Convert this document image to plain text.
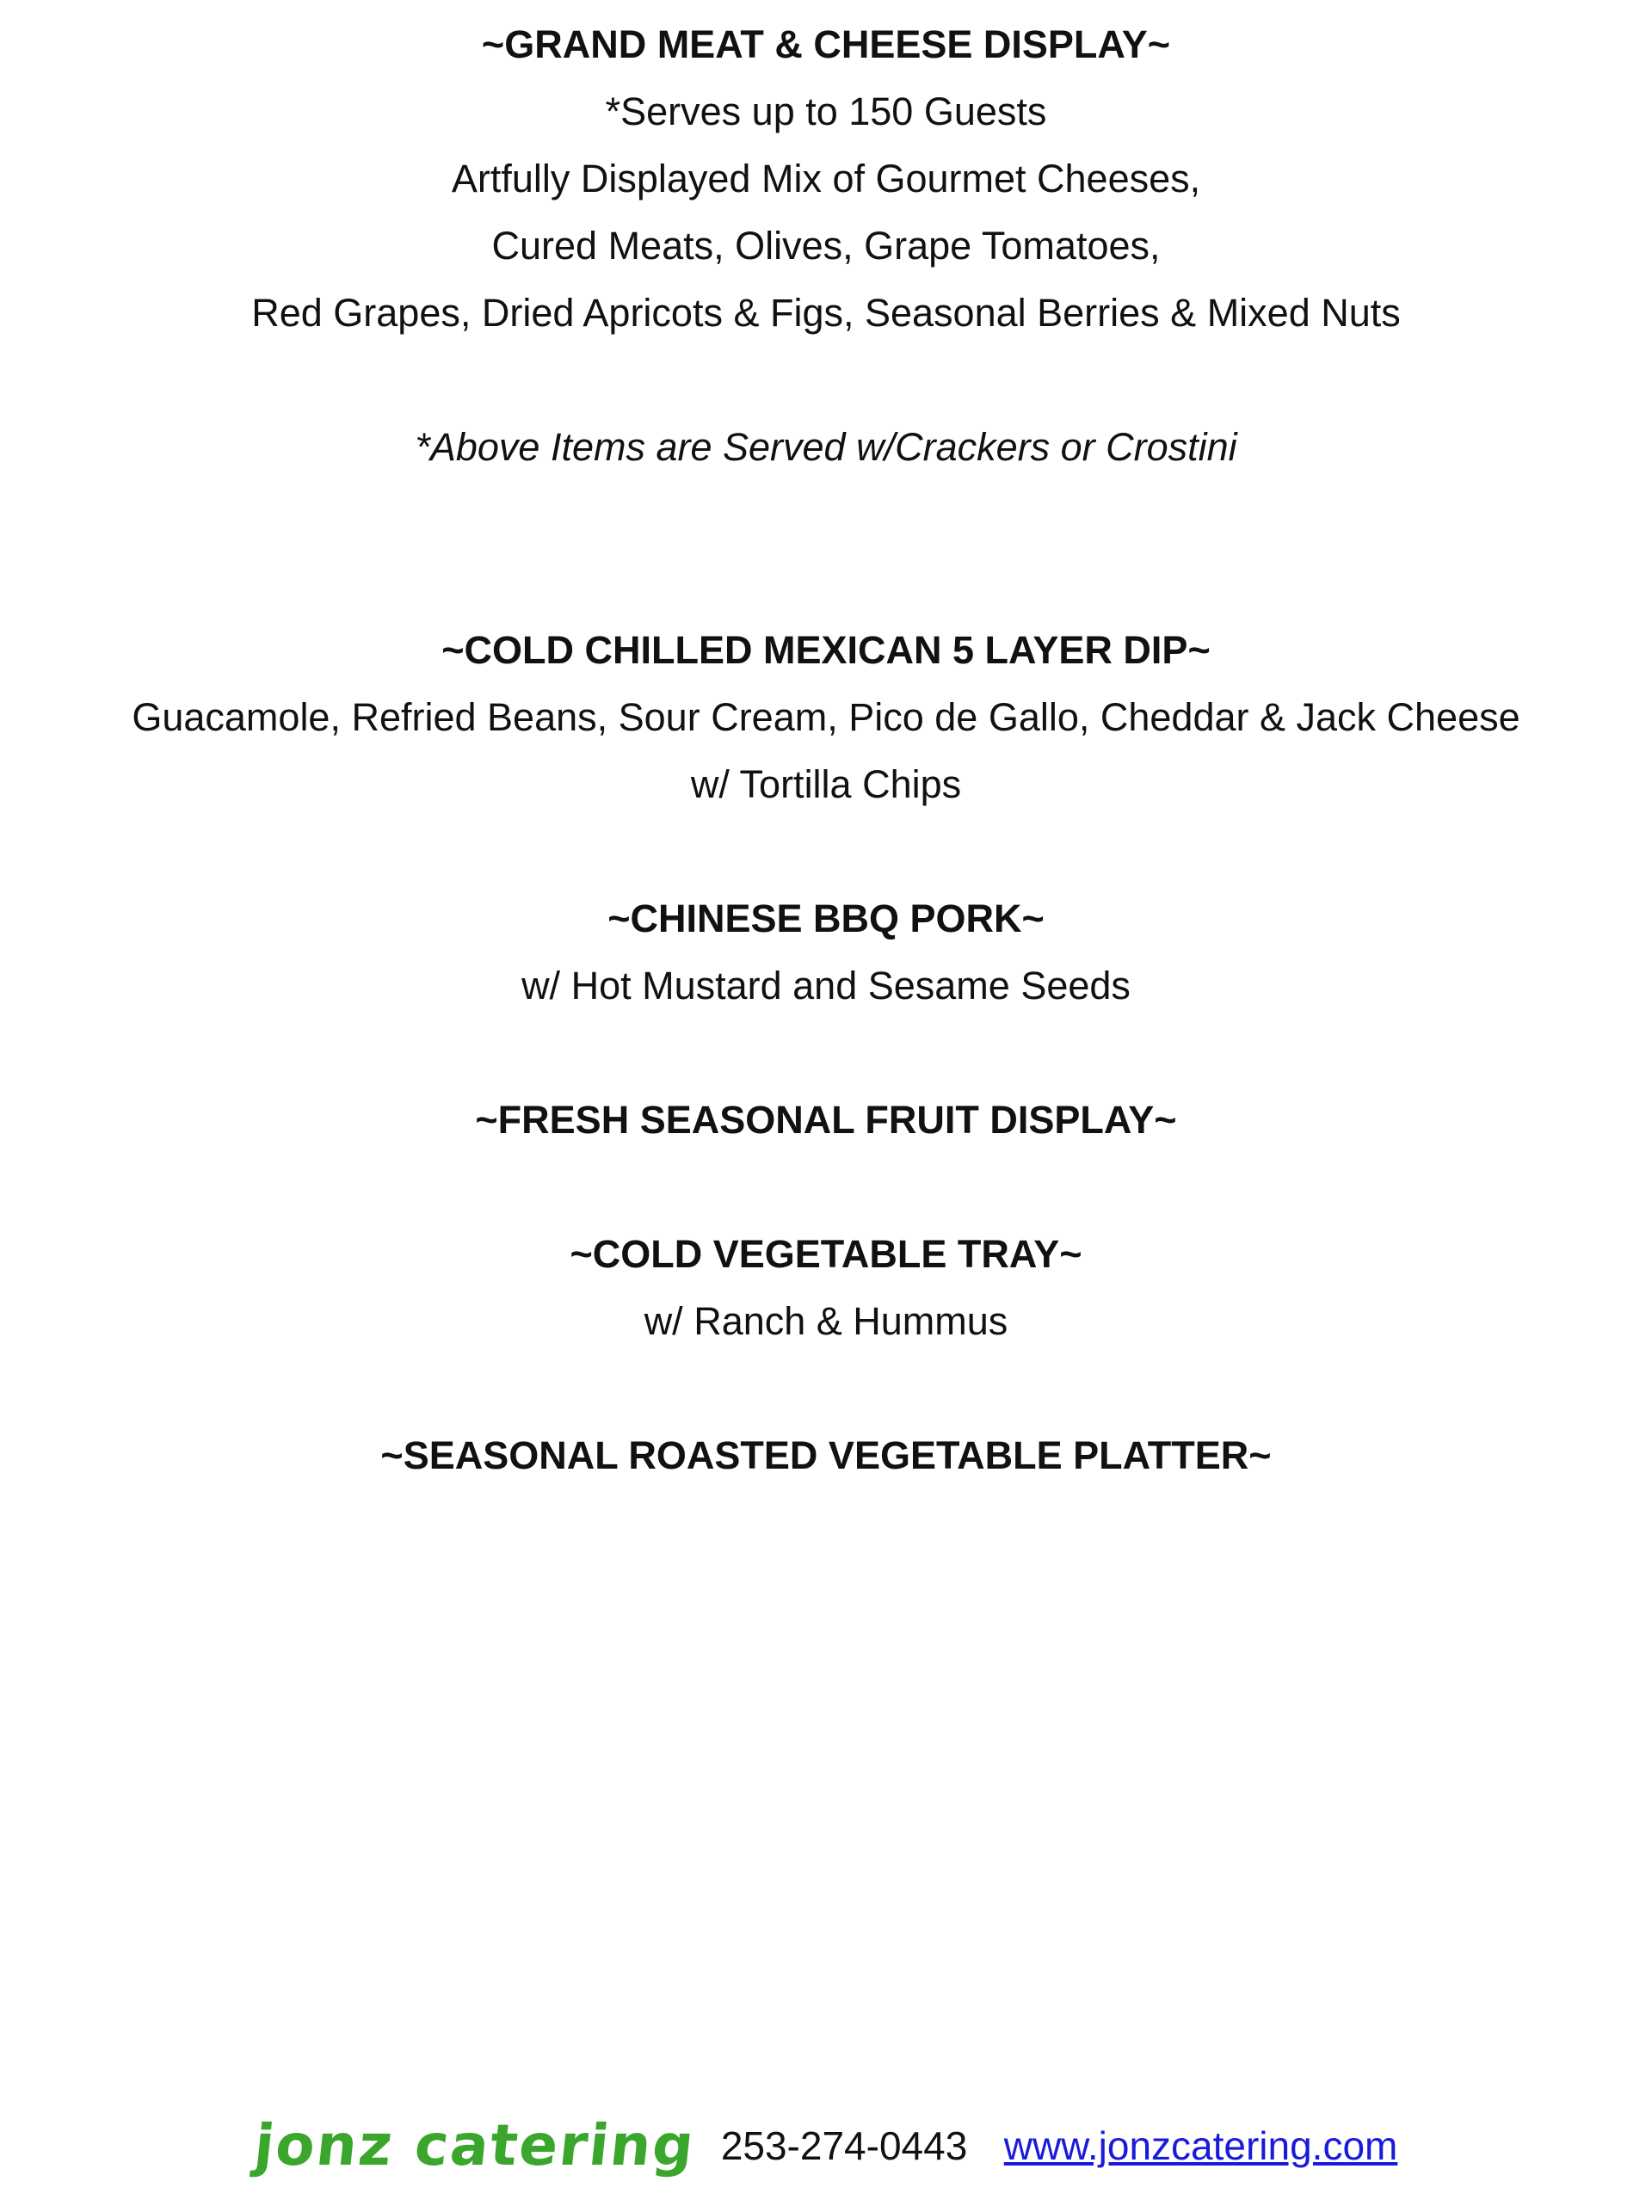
~GRAND MEAT & CHEESE DISPLAY~
*Serves up to 150 Guests
Artfully Displayed Mix of Gourmet Cheeses,
Cured Meats, Olives, Grape Tomatoes,
Red Grapes, Dried Apricots & Figs, Seasonal Berries & Mixed Nuts
*Above Items are Served w/Crackers or Crostini
~COLD CHILLED MEXICAN 5 LAYER DIP~
Guacamole, Refried Beans, Sour Cream, Pico de Gallo, Cheddar & Jack Cheese
w/ Tortilla Chips
~CHINESE BBQ PORK~
w/ Hot Mustard and Sesame Seeds
~FRESH SEASONAL FRUIT DISPLAY~
~COLD VEGETABLE TRAY~
w/ Ranch & Hummus
~SEASONAL ROASTED VEGETABLE PLATTER~
jonz catering 253-274-0443 www.jonzcatering.com
